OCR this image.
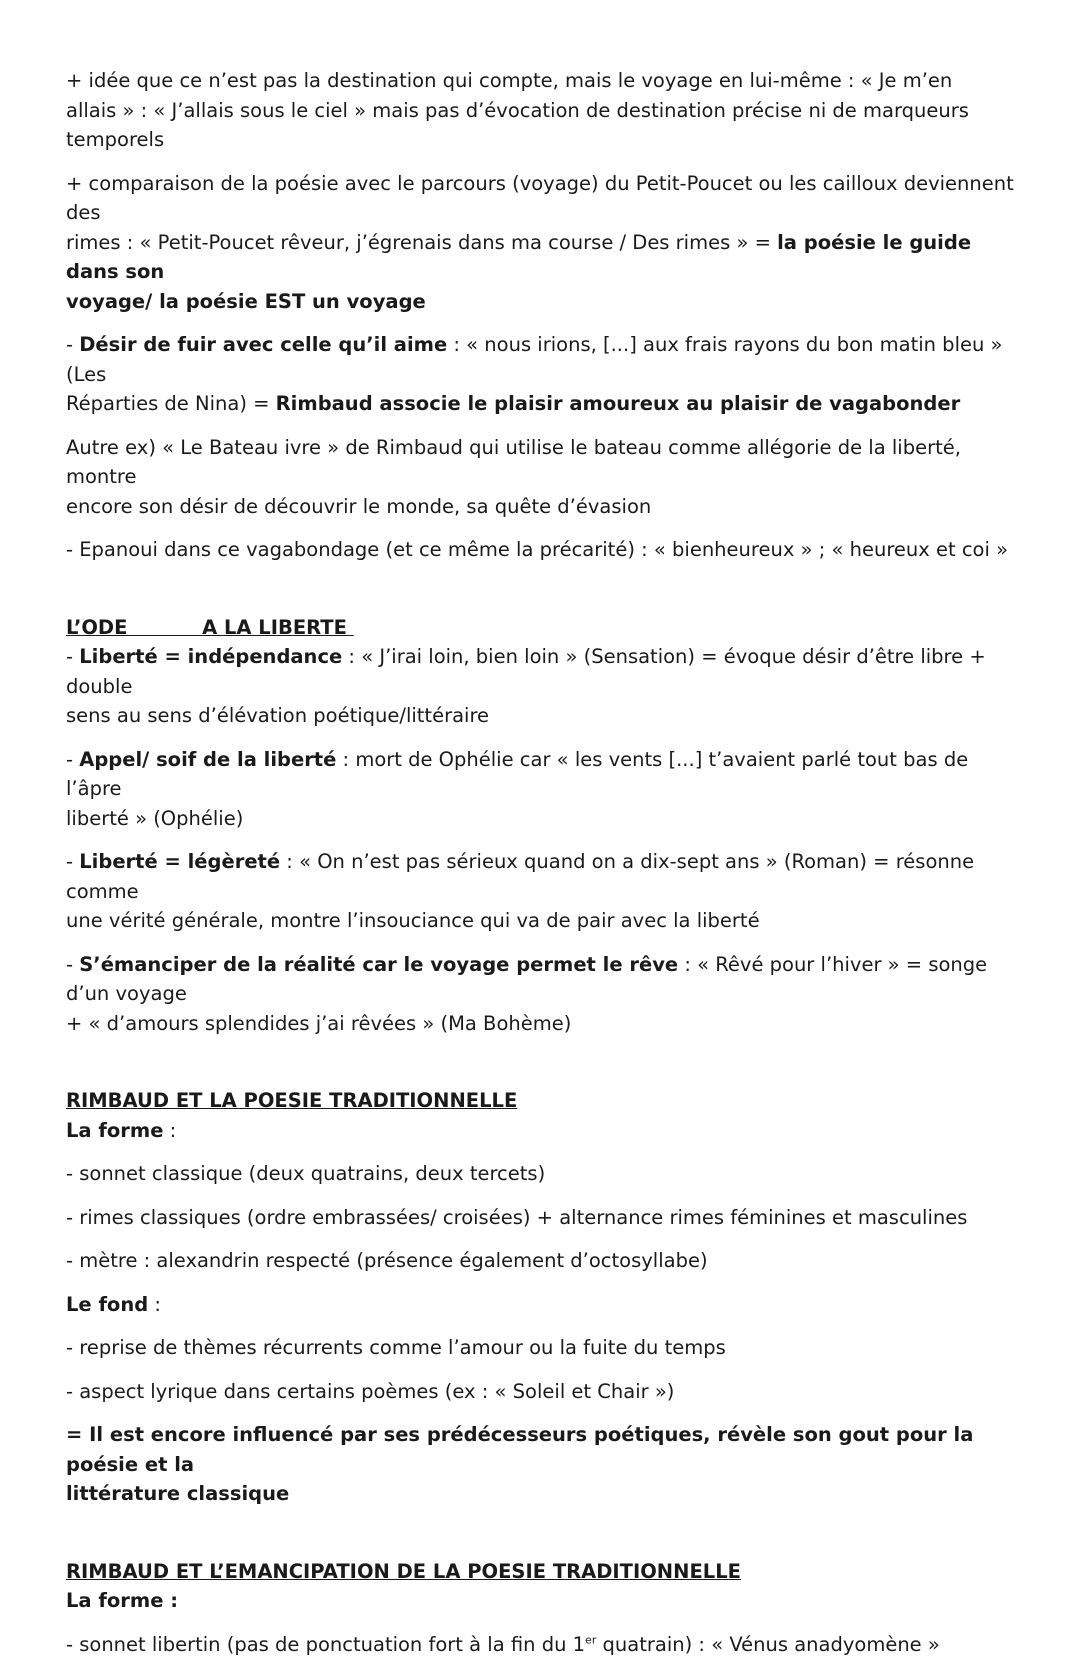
+ idée que ce n’est pas la destination qui compte, mais le voyage en lui-même : « Je m’en
allais » : « J’allais sous le ciel » mais pas d’évocation de destination précise ni de marqueurs temporels

+ comparaison de la poésie avec le parcours (voyage) du Petit-Poucet ou les cailloux deviennent des
rimes : « Petit-Poucet rêveur, j’égrenais dans ma course / Des rimes » = la poésie le guide dans son
voyage/ la poésie EST un voyage

- Désir de fuir avec celle qu’il aime : « nous irions, [...] aux frais rayons du bon matin bleu » (Les
Réparties de Nina) = Rimbaud associe le plaisir amoureux au plaisir de vagabonder

Autre ex) « Le Bateau ivre » de Rimbaud qui utilise le bateau comme allégorie de la liberté, montre
encore son désir de découvrir le monde, sa quête d’évasion

- Epanoui dans ce vagabondage (et ce même la précarité) : « bienheureux » ; « heureux et coi »

L’ODE           A LA LIBERTE

- Liberté = indépendance : « J’irai loin, bien loin » (Sensation) = évoque désir d’être libre + double
sens au sens d’élévation poétique/littéraire

- Appel/ soif de la liberté : mort de Ophélie car « les vents [...] t’avaient parlé tout bas de l’âpre
liberté » (Ophélie)

- Liberté = légèreté : « On n’est pas sérieux quand on a dix-sept ans » (Roman) = résonne comme
une vérité générale, montre l’insouciance qui va de pair avec la liberté

- S’émanciper de la réalité car le voyage permet le rêve : « Rêvé pour l’hiver » = songe d’un voyage
+ « d’amours splendides j’ai rêvées » (Ma Bohème)

RIMBAUD ET LA POESIE TRADITIONNELLE

La forme :

- sonnet classique (deux quatrains, deux tercets)

- rimes classiques (ordre embrassées/ croisées) + alternance rimes féminines et masculines

- mètre : alexandrin respecté (présence également d’octosyllabe)

Le fond :

- reprise de thèmes récurrents comme l’amour ou la fuite du temps

- aspect lyrique dans certains poèmes (ex : « Soleil et Chair »)

= Il est encore influencé par ses prédécesseurs poétiques, révèle son gout pour la poésie et la
littérature classique

RIMBAUD ET L’EMANCIPATION DE LA POESIE TRADITIONNELLE

La forme :

- sonnet libertin (pas de ponctuation fort à la fin du 1er quatrain) : « Vénus anadyomène »
